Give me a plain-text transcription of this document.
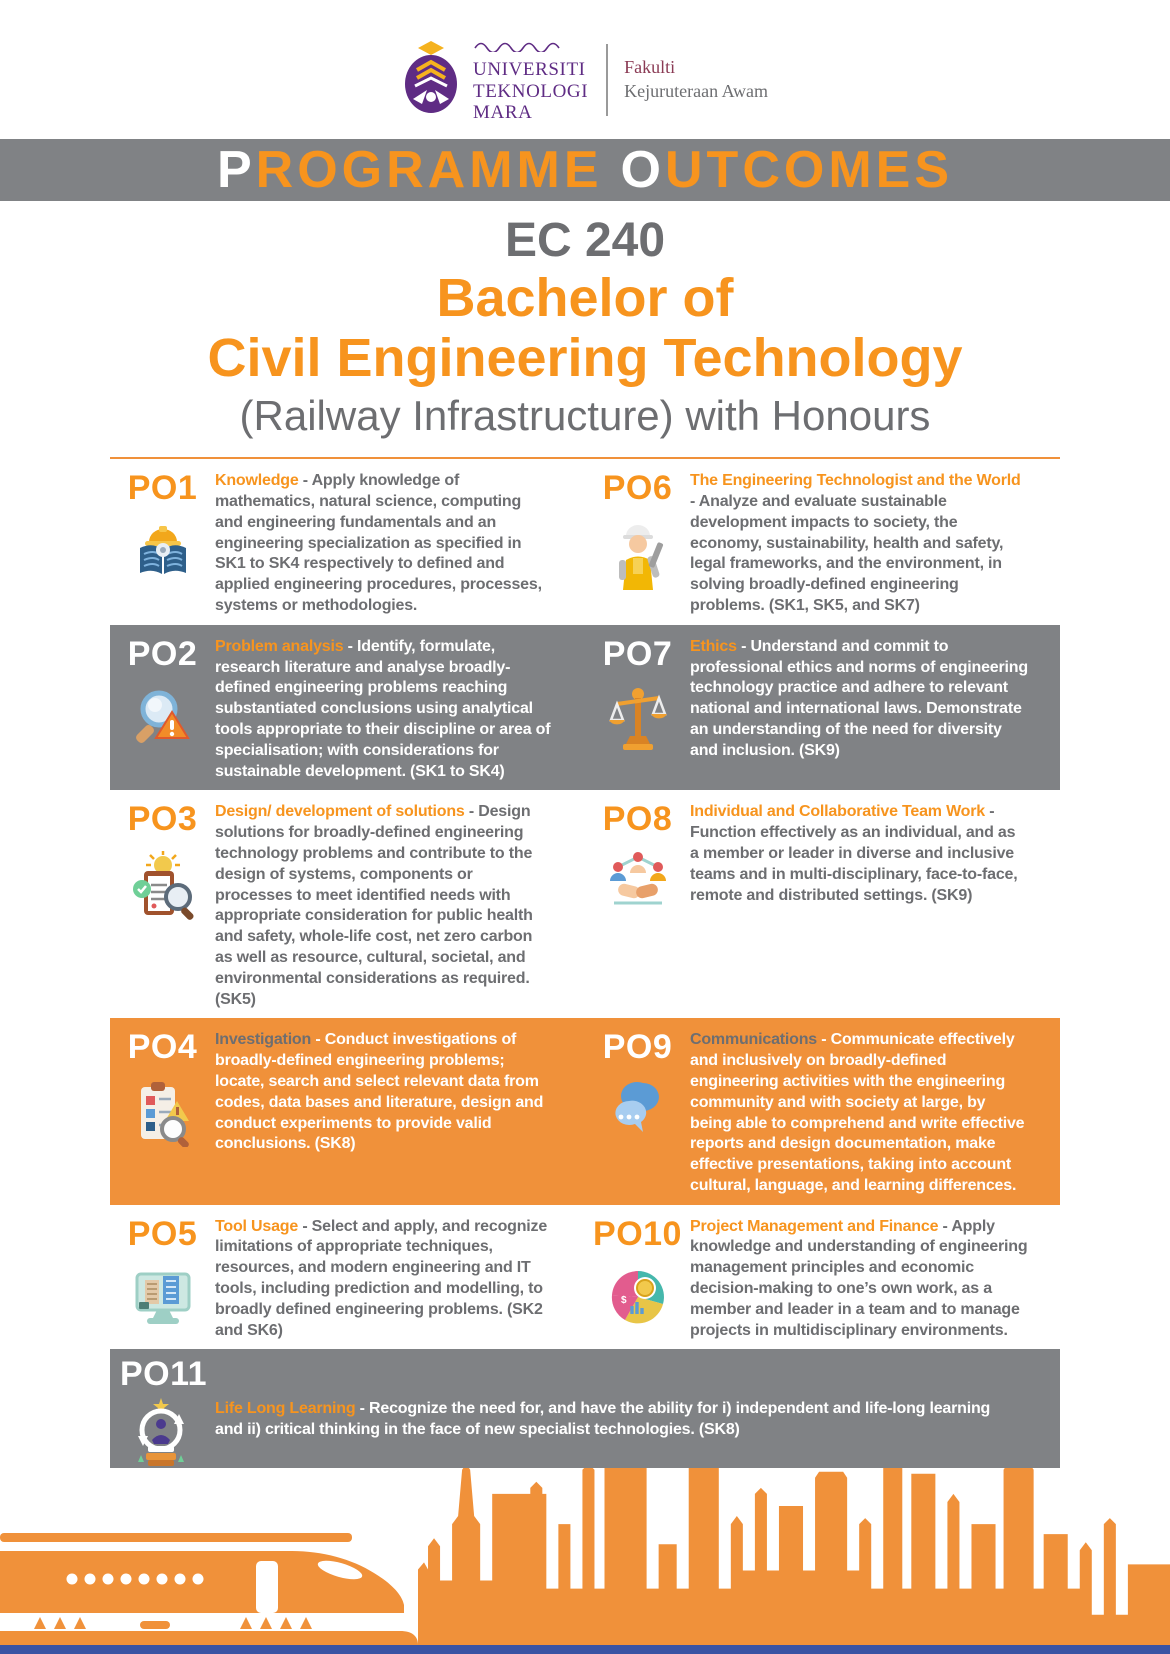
UNIVERSITI
TEKNOLOGI
MARA
Fakulti
Kejuruteraan Awam
P ROGRAMME O UTCOMES
EC 240
Bachelor of
Civil Engineering Technology
(Railway Infrastructure) with Honours
PO1 Knowledge - Apply knowledge of mathematics, natural science, computing and engineering fundamentals and an engineering specialization as specified in SK1 to SK4 respectively to defined and applied engineering procedures, processes, systems or methodologies.

PO6 The Engineering Technologist and the World - Analyze and evaluate sustainable development impacts to society, the economy, sustainability, health and safety, legal frameworks, and the environment, in solving broadly-defined engineering problems. (SK1, SK5, and SK7)

PO2 Problem analysis - Identify, formulate, research literature and analyse broadly-defined engineering problems reaching substantiated conclusions using analytical tools appropriate to their discipline or area of specialisation; with considerations for sustainable development. (SK1 to SK4)

PO7 Ethics - Understand and commit to professional ethics and norms of engineering technology practice and adhere to relevant national and international laws. Demonstrate an understanding of the need for diversity and inclusion. (SK9)

PO3 Design/ development of solutions - Design solutions for broadly-defined engineering technology problems and contribute to the design of systems, components or processes to meet identified needs with appropriate consideration for public health and safety, whole-life cost, net zero carbon as well as resource, cultural, societal, and environmental considerations as required. (SK5)

PO8 Individual and Collaborative Team Work - Function effectively as an individual, and as a member or leader in diverse and inclusive teams and in multi-disciplinary, face-to-face, remote and distributed settings. (SK9)

PO4 Investigation - Conduct investigations of broadly-defined engineering problems; locate, search and select relevant data from codes, data bases and literature, design and conduct experiments to provide valid conclusions. (SK8)

PO9 Communications - Communicate effectively and inclusively on broadly-defined engineering activities with the engineering community and with society at large, by being able to comprehend and write effective reports and design documentation, make effective presentations, taking into account cultural, language, and learning differences.

PO5 Tool Usage - Select and apply, and recognize limitations of appropriate techniques, resources, and modern engineering and IT tools, including prediction and modelling, to broadly defined engineering problems. (SK2 and SK6)

PO10
$

Project Management and Finance - Apply knowledge and understanding of engineering management principles and economic decision-making to one’s own work, as a member and leader in a team and to manage projects in multidisciplinary environments.

PO11

Life Long Learning - Recognize the need for, and have the ability for i) independent and life-long learning and ii) critical thinking in the face of new specialist technologies. (SK8)
